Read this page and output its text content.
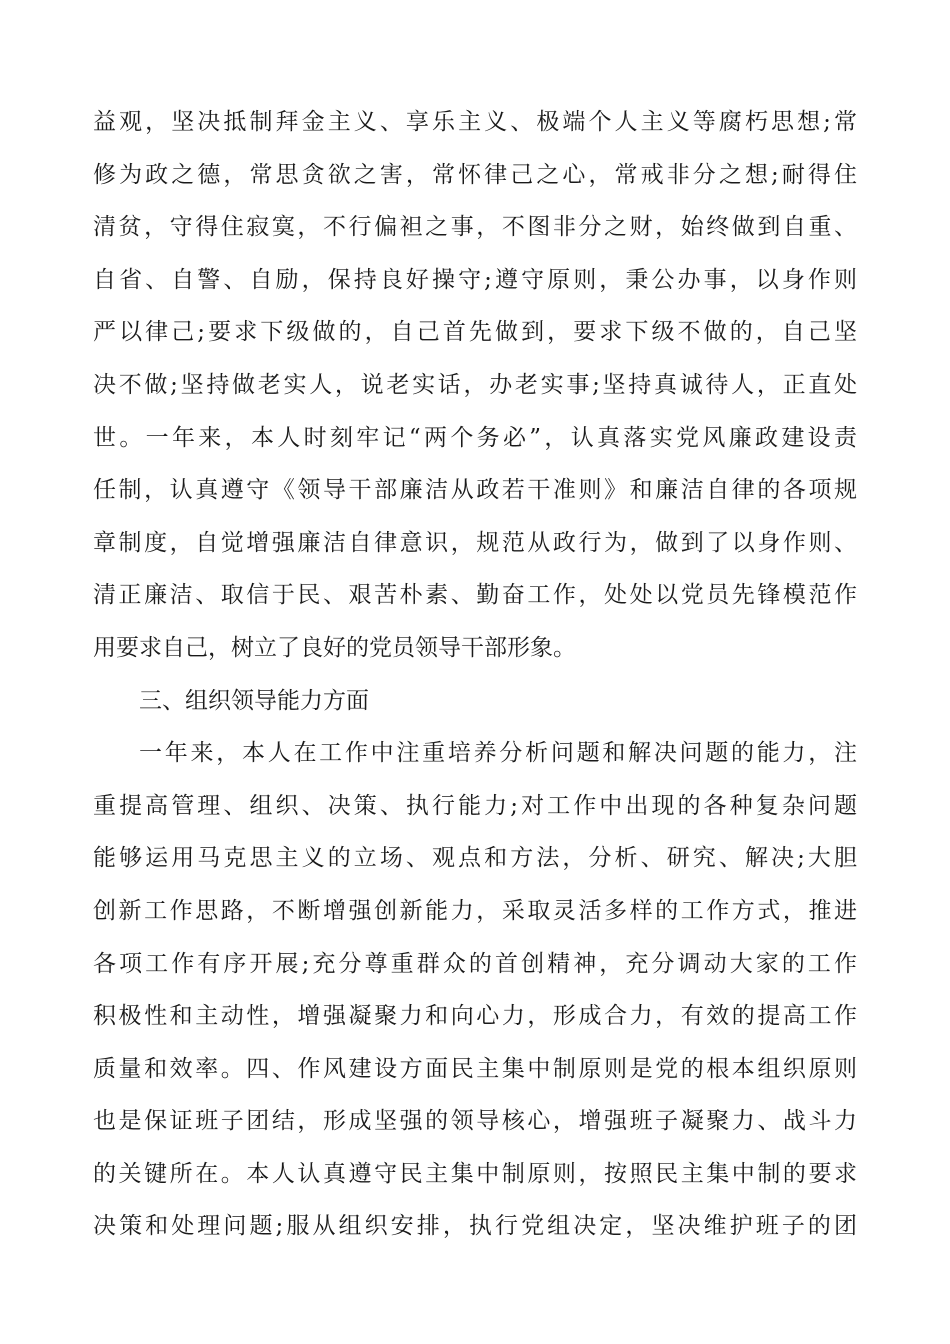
益观，坚决抵制拜金主义、享乐主义、极端个人主义等腐朽思想;常
修为政之德，常思贪欲之害，常怀律己之心，常戒非分之想;耐得住
清贫，守得住寂寞，不行偏袒之事，不图非分之财，始终做到自重、
自省、自警、自励，保持良好操守;遵守原则，秉公办事，以身作则
严以律己;要求下级做的，自己首先做到，要求下级不做的，自己坚
决不做;坚持做老实人，说老实话，办老实事;坚持真诚待人，正直处
世。一年来，本人时刻牢记“两个务必”，认真落实党风廉政建设责
任制，认真遵守《领导干部廉洁从政若干准则》和廉洁自律的各项规
章制度，自觉增强廉洁自律意识，规范从政行为，做到了以身作则、
清正廉洁、取信于民、艰苦朴素、勤奋工作，处处以党员先锋模范作
用要求自己，树立了良好的党员领导干部形象。
三、组织领导能力方面
一年来，本人在工作中注重培养分析问题和解决问题的能力，注
重提高管理、组织、决策、执行能力;对工作中出现的各种复杂问题
能够运用马克思主义的立场、观点和方法，分析、研究、解决;大胆
创新工作思路，不断增强创新能力，采取灵活多样的工作方式，推进
各项工作有序开展;充分尊重群众的首创精神，充分调动大家的工作
积极性和主动性，增强凝聚力和向心力，形成合力，有效的提高工作
质量和效率。四、作风建设方面民主集中制原则是党的根本组织原则
也是保证班子团结，形成坚强的领导核心，增强班子凝聚力、战斗力
的关键所在。本人认真遵守民主集中制原则，按照民主集中制的要求
决策和处理问题;服从组织安排，执行党组决定，坚决维护班子的团
